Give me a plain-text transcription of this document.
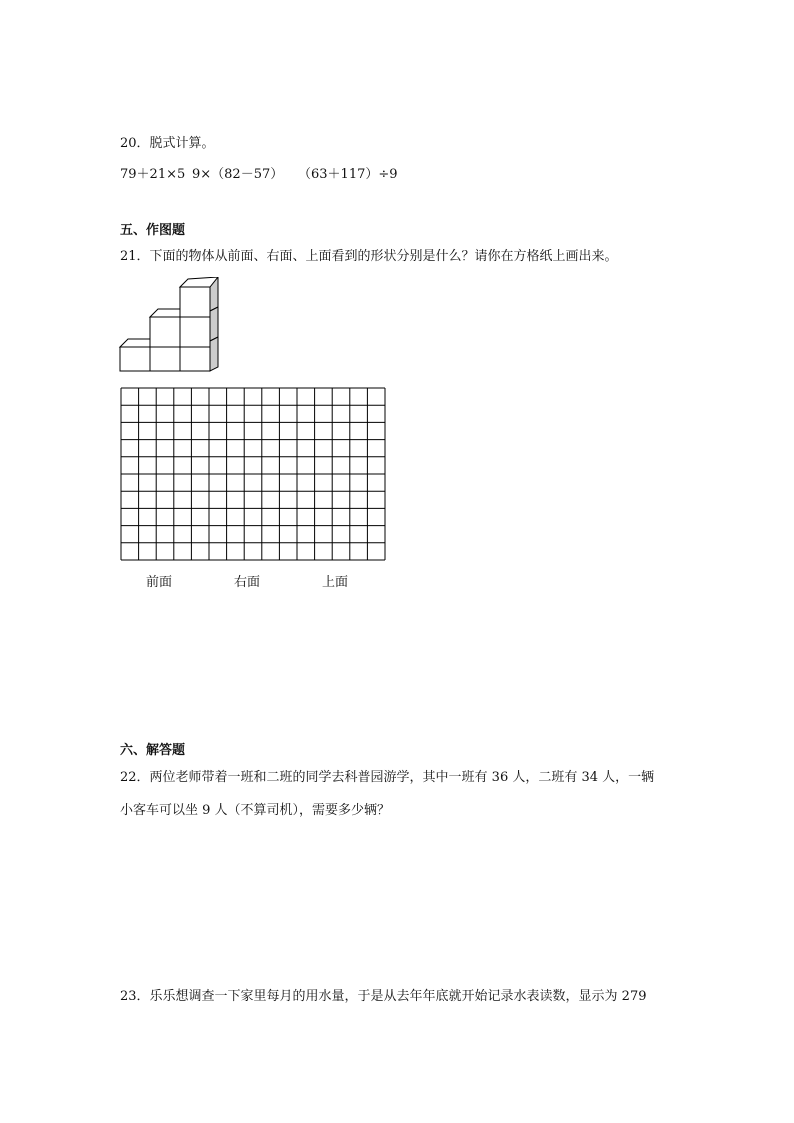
20．脱式计算。
79＋21×5 9×（82－57）	（63＋117）÷9
五、作图题
21．下面的物体从前面、右面、上面看到的形状分别是什么？请你在方格纸上画出来。
前面	右面	上面
六、解答题
22．两位老师带着一班和二班的同学去科普园游学，其中一班有 36 人，二班有 34 人，一辆
小客车可以坐 9 人（不算司机），需要多少辆？
23．乐乐想调查一下家里每月的用水量，于是从去年年底就开始记录水表读数，显示为 279
